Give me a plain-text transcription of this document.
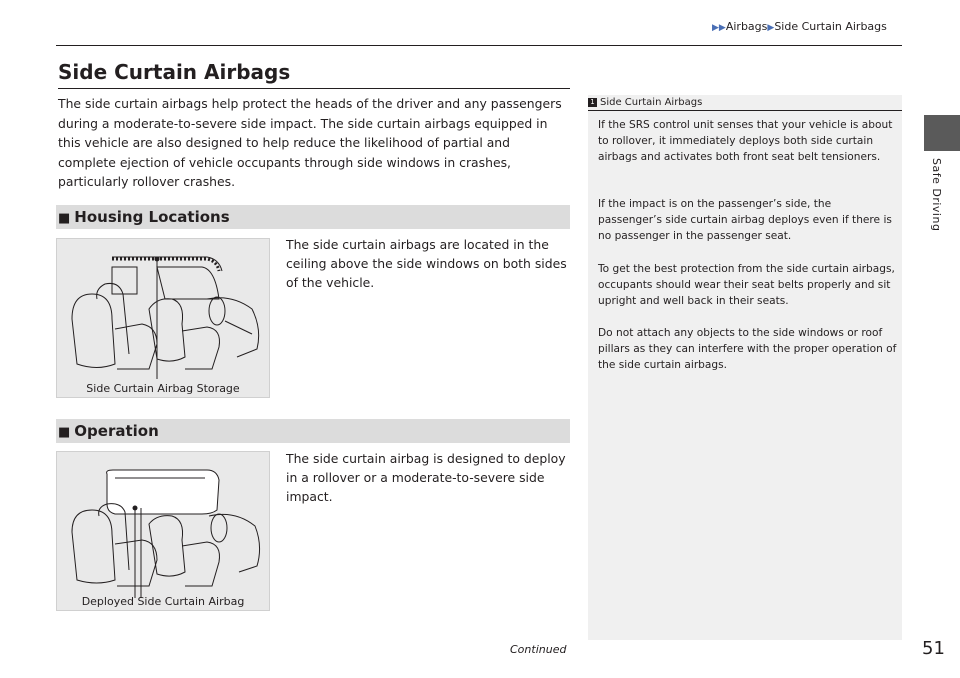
▶▶Airbags▶Side Curtain Airbags
Safe Driving
Side Curtain Airbags
The side curtain airbags help protect the heads of the driver and any passengers during a moderate-to-severe side impact. The side curtain airbags equipped in this vehicle are also designed to help reduce the likelihood of partial and complete ejection of vehicle occupants through side windows in crashes, particularly rollover crashes.
■ Housing Locations
Side Curtain Airbag Storage
The side curtain airbags are located in the ceiling above the side windows on both sides of the vehicle.
■ Operation
Deployed Side Curtain Airbag
The side curtain airbag is designed to deploy in a rollover or a moderate-to-severe side impact.
1 Side Curtain Airbags
If the SRS control unit senses that your vehicle is about to rollover, it immediately deploys both side curtain airbags and activates both front seat belt tensioners.
If the impact is on the passenger’s side, the passenger’s side curtain airbag deploys even if there is no passenger in the passenger seat.
To get the best protection from the side curtain airbags, occupants should wear their seat belts properly and sit upright and well back in their seats.
Do not attach any objects to the side windows or roof pillars as they can interfere with the proper operation of the side curtain airbags.
Continued	51
